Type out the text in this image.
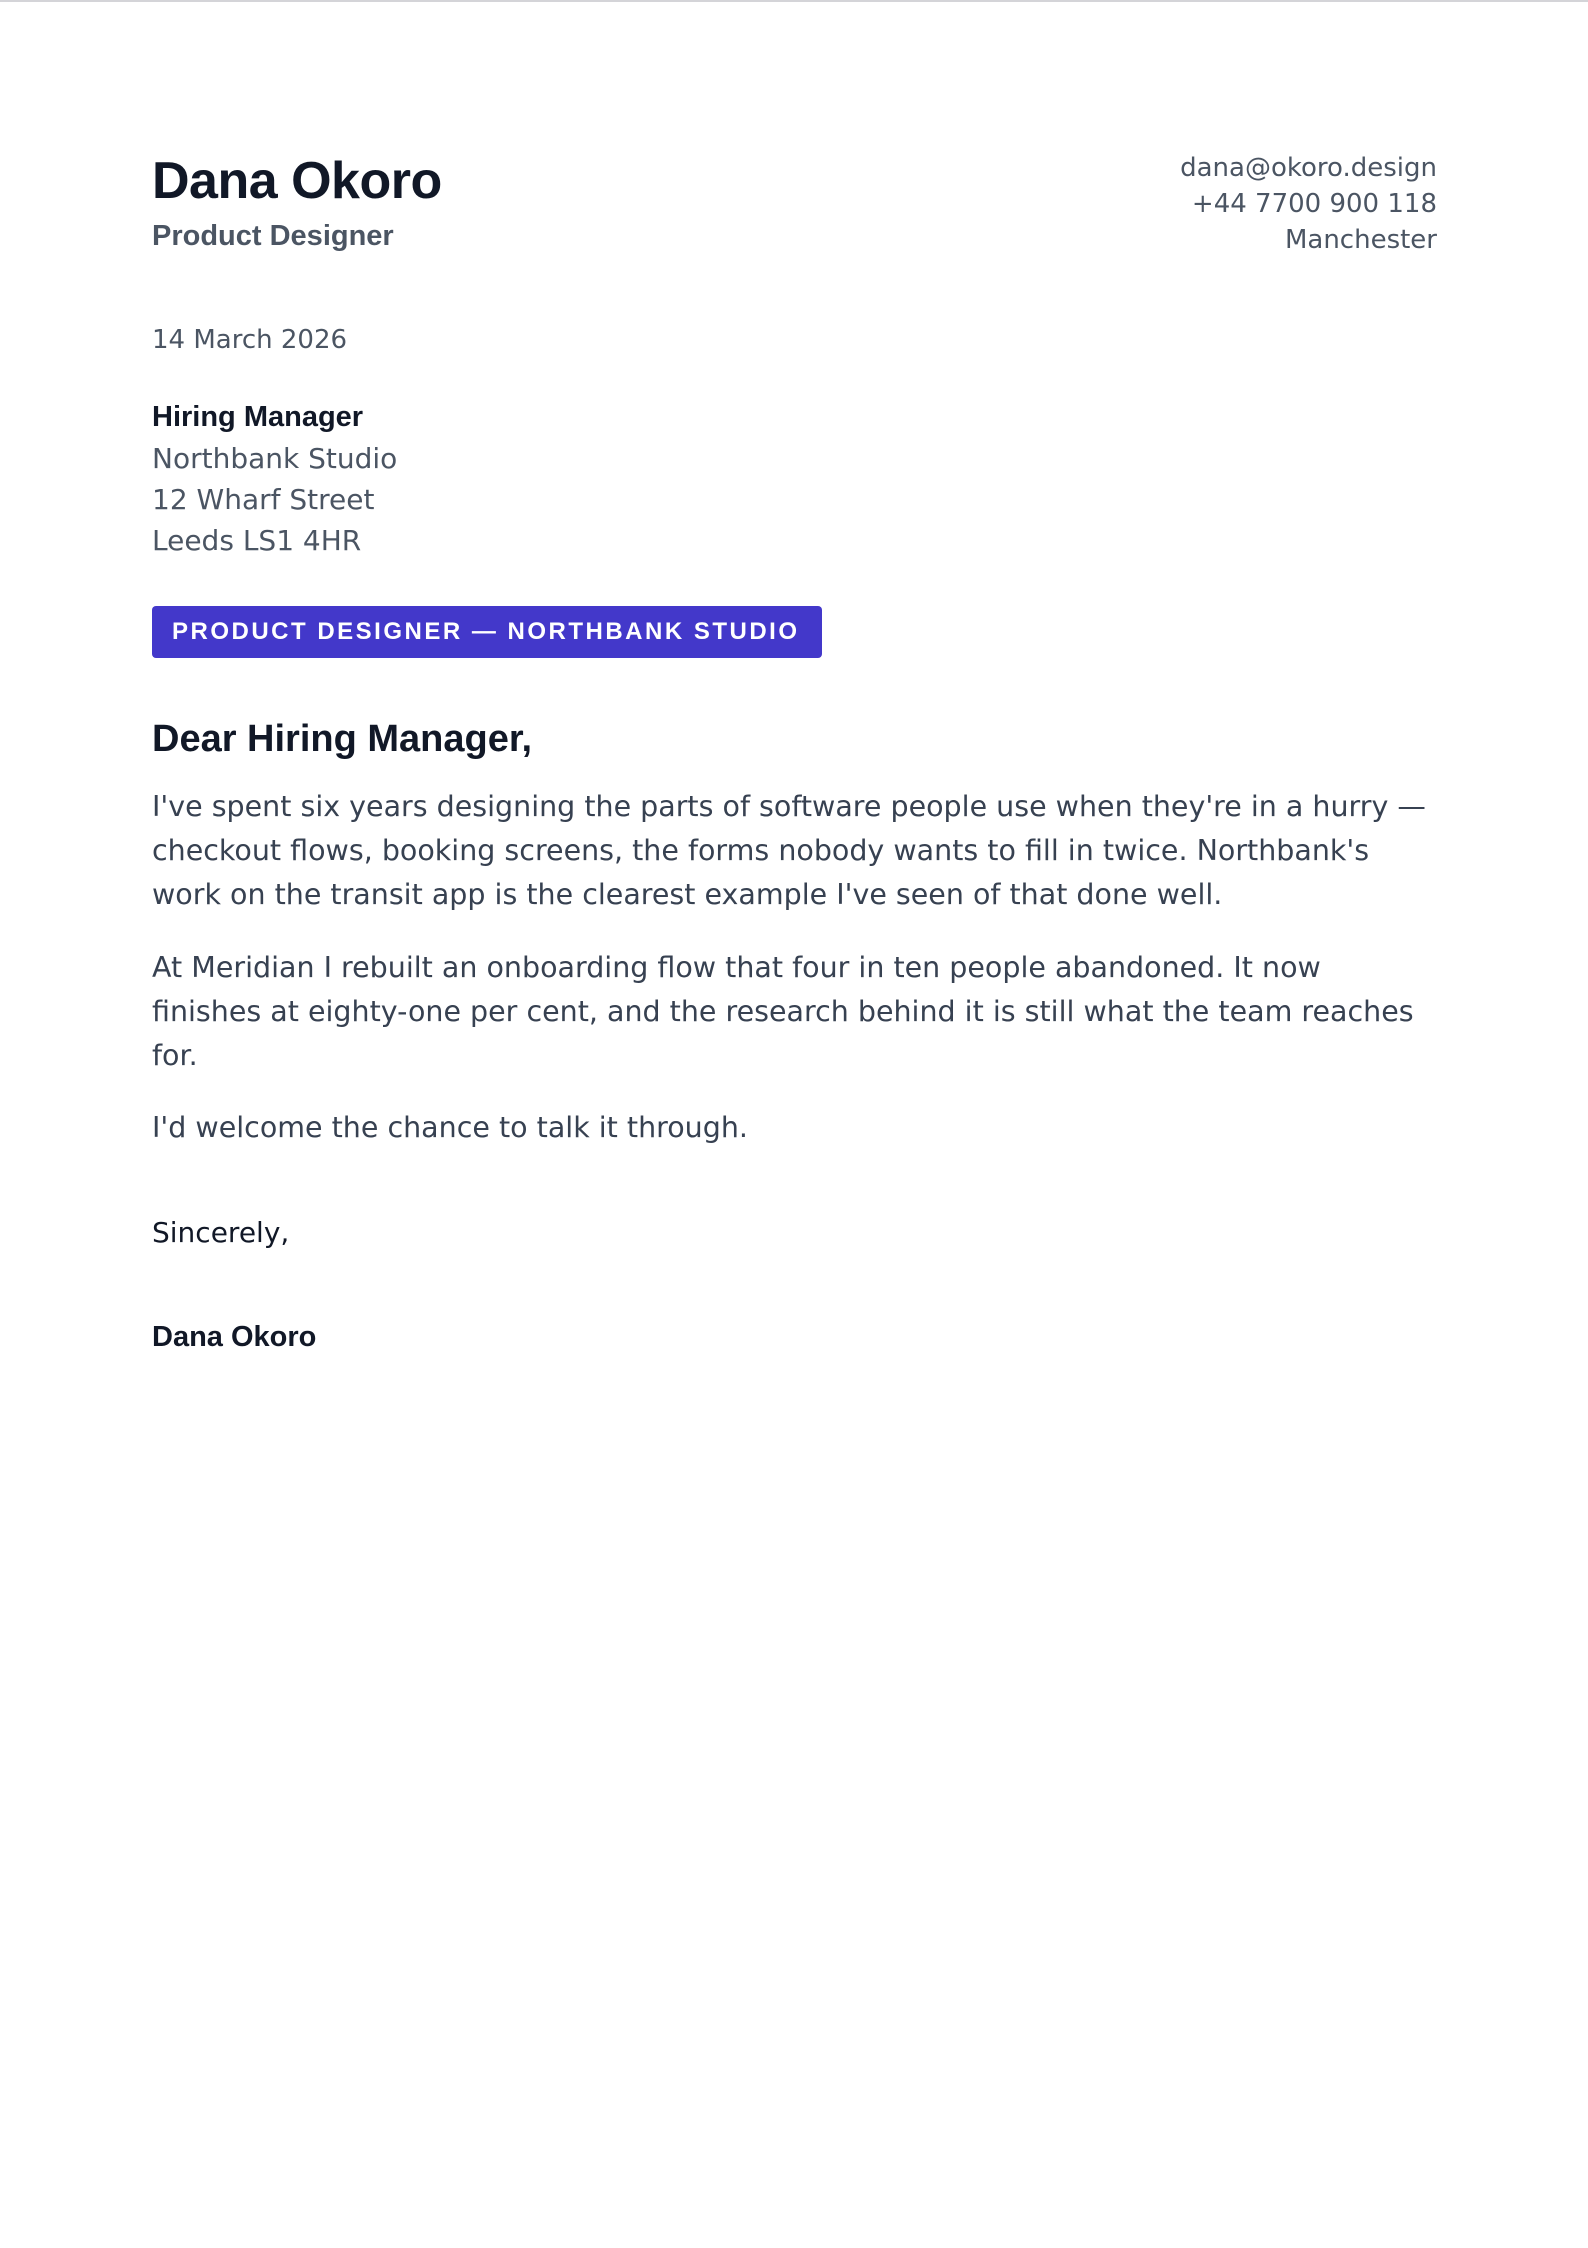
Dana Okoro
Product Designer
dana@okoro.design
+44 7700 900 118
Manchester
14 March 2026
Hiring Manager
Northbank Studio
12 Wharf Street
Leeds LS1 4HR
PRODUCT DESIGNER — NORTHBANK STUDIO
Dear Hiring Manager,

I've spent six years designing the parts of software people use when they're in a hurry — checkout flows, booking screens, the forms nobody wants to fill in twice. Northbank's work on the transit app is the clearest example I've seen of that done well.

At Meridian I rebuilt an onboarding flow that four in ten people abandoned. It now finishes at eighty-one per cent, and the research behind it is still what the team reaches for.

I'd welcome the chance to talk it through.

Sincerely,
Dana Okoro
